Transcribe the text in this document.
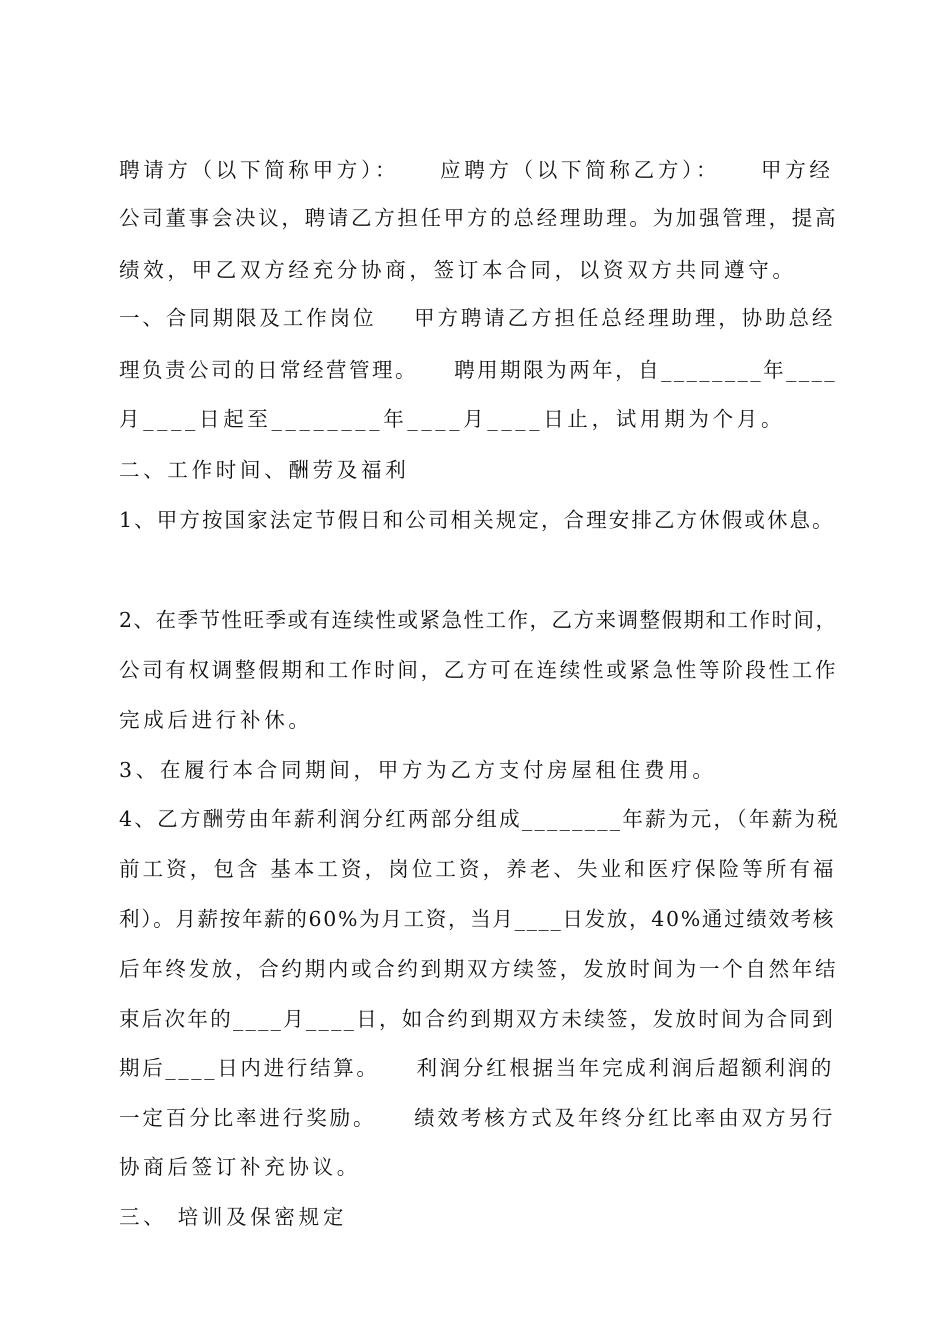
聘请方（以下简称甲方）：    应聘方（以下简称乙方）：    甲方经
公司董事会决议，聘请乙方担任甲方的总经理助理。为加强管理，提高
绩效，甲乙双方经充分协商，签订本合同，以资双方共同遵守。
一、合同期限及工作岗位    甲方聘请乙方担任总经理助理，协助总经
理负责公司的日常经营管理。    聘用期限为两年，自________年____
月____日起至________年____月____日止，试用期为个月。
二、工作时间、酬劳及福利
1、甲方按国家法定节假日和公司相关规定，合理安排乙方休假或休息。
2、在季节性旺季或有连续性或紧急性工作，乙方来调整假期和工作时间，
公司有权调整假期和工作时间，乙方可在连续性或紧急性等阶段性工作
完成后进行补休。
3、在履行本合同期间，甲方为乙方支付房屋租住费用。
4、乙方酬劳由年薪利润分红两部分组成________年薪为元，（年薪为税
前工资，包含 基本工资，岗位工资，养老、失业和医疗保险等所有福
利）。月薪按年薪的60%为月工资，当月____日发放，40%通过绩效考核
后年终发放，合约期内或合约到期双方续签，发放时间为一个自然年结
束后次年的____月____日，如合约到期双方未续签，发放时间为合同到
期后____日内进行结算。    利润分红根据当年完成利润后超额利润的
一定百分比率进行奖励。    绩效考核方式及年终分红比率由双方另行
协商后签订补充协议。
三、 培训及保密规定
